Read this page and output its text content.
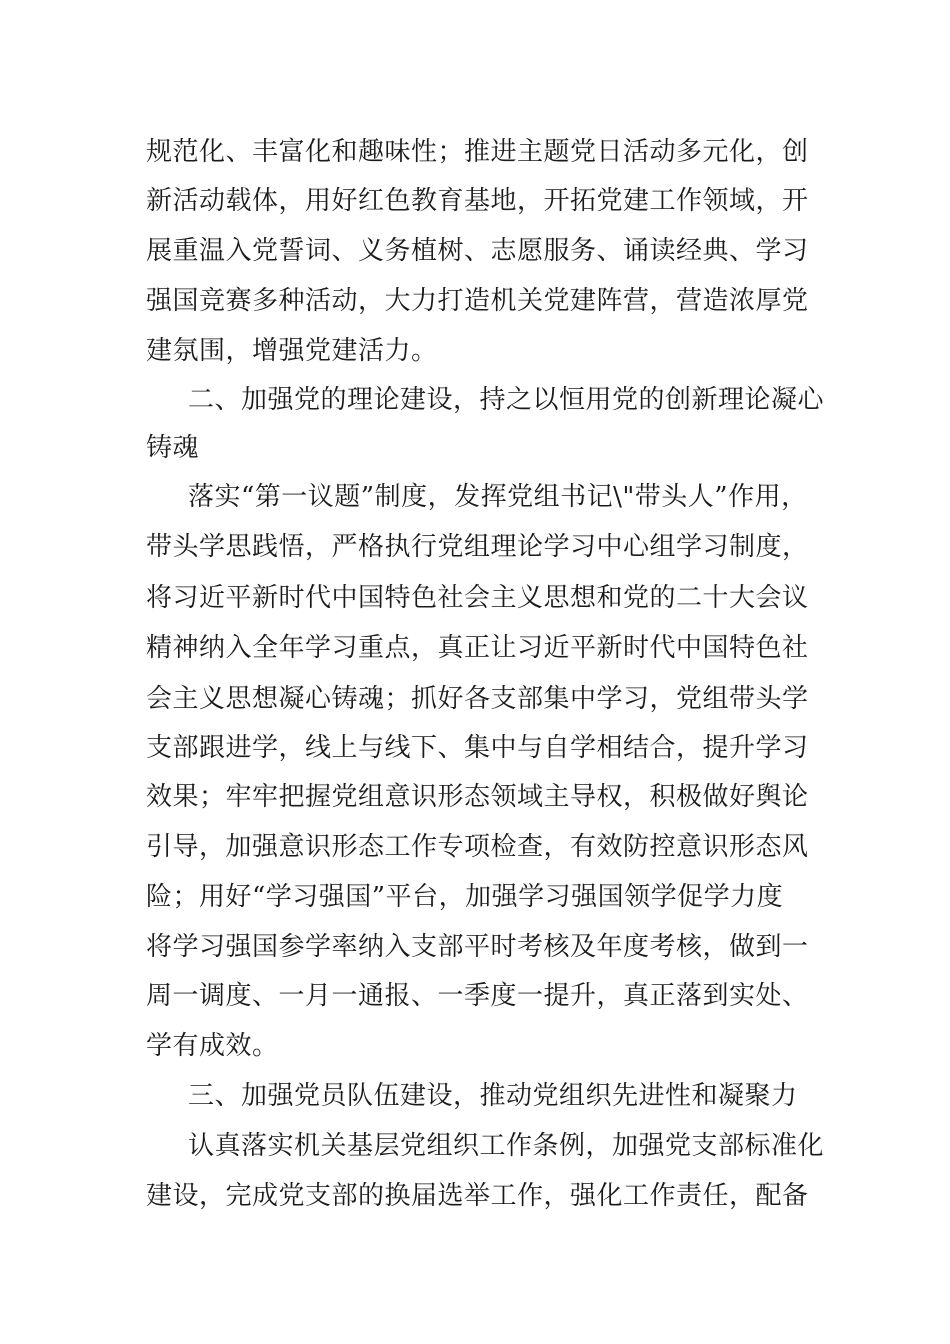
规范化、丰富化和趣味性；推进主题党日活动多元化，创
新活动载体，用好红色教育基地，开拓党建工作领域，开
展重温入党誓词、义务植树、志愿服务、诵读经典、学习
强国竞赛多种活动，大力打造机关党建阵营，营造浓厚党
建氛围，增强党建活力。
二、加强党的理论建设，持之以恒用党的创新理论凝心
铸魂
落实“第一议题”制度，发挥党组书记\"带头人”作用，
带头学思践悟，严格执行党组理论学习中心组学习制度，
将习近平新时代中国特色社会主义思想和党的二十大会议
精神纳入全年学习重点，真正让习近平新时代中国特色社
会主义思想凝心铸魂；抓好各支部集中学习，党组带头学
支部跟进学，线上与线下、集中与自学相结合，提升学习
效果；牢牢把握党组意识形态领域主导权，积极做好舆论
引导，加强意识形态工作专项检查，有效防控意识形态风
险；用好“学习强国”平台，加强学习强国领学促学力度
将学习强国参学率纳入支部平时考核及年度考核，做到一
周一调度、一月一通报、一季度一提升，真正落到实处、
学有成效。
三、加强党员队伍建设，推动党组织先进性和凝聚力
认真落实机关基层党组织工作条例，加强党支部标准化
建设，完成党支部的换届选举工作，强化工作责任，配备
